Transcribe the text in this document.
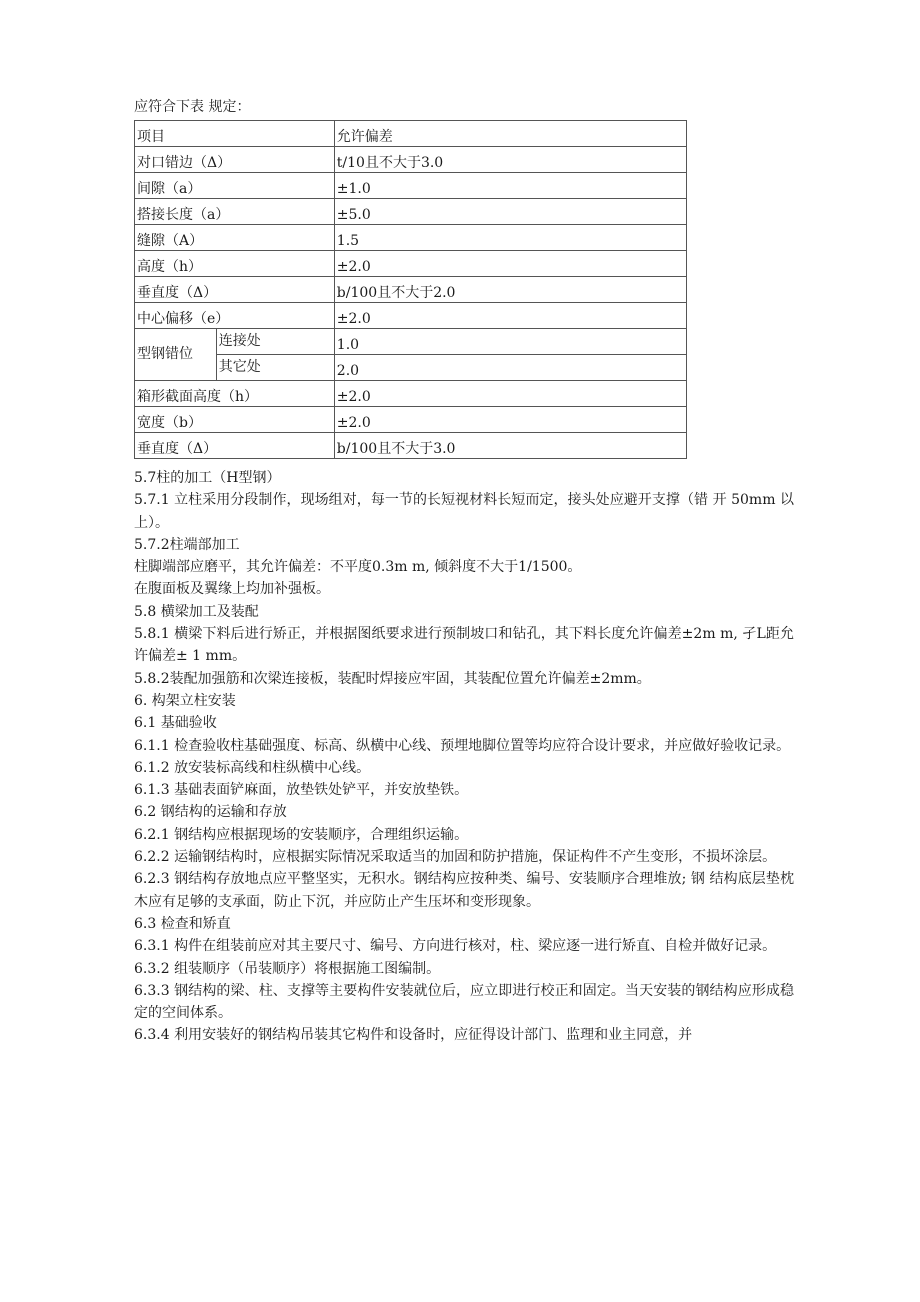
应符合下表 规定：
项目		允许偏差
对口错边（Δ）		t/10且不大于3.0
间隙（a）		±1.0
搭接长度（a）		±5.0
缝隙（A）		1.5
高度（h）		±2.0
垂直度（Δ）		b/100且不大于2.0
中心偏移（e）		±2.0
型钢错位	连接处	1.0
	其它处	2.0
箱形截面高度（h）		±2.0
宽度（b）		±2.0
垂直度（Δ）		b/100且不大于3.0

5.7柱的加工（H型钢）

5.7.1 立柱采用分段制作，现场组对，每一节的长短视材料长短而定，接头处应避开支撑（错 开 50mm 以上）。

5.7.2柱端部加工

柱脚端部应磨平，其允许偏差：不平度0.3m m, 倾斜度不大于1/1500。

在腹面板及翼缘上均加补强板。

5.8 横梁加工及装配

5.8.1 横梁下料后进行矫正，并根据图纸要求进行预制坡口和钻孔，其下料长度允许偏差±2m m, 孑L距允许偏差± 1 mm。

5.8.2装配加强筋和次梁连接板，装配时焊接应牢固，其装配位置允许偏差±2mm。

6. 构架立柱安装

6.1 基础验收

6.1.1 检查验收柱基础强度、标高、纵横中心线、预埋地脚位置等均应符合设计要求，并应做好验收记录。

6.1.2 放安装标高线和柱纵横中心线。

6.1.3 基础表面铲麻面，放垫铁处铲平，并安放垫铁。

6.2 钢结构的运输和存放

6.2.1 钢结构应根据现场的安装顺序，合理组织运输。

6.2.2 运输钢结构时，应根据实际情况采取适当的加固和防护措施，保证构件不产生变形，不损坏涂层。

6.2.3 钢结构存放地点应平整坚实，无积水。钢结构应按种类、编号、安装顺序合理堆放; 钢 结构底层垫枕木应有足够的支承面，防止下沉，并应防止产生压坏和变形现象。

6.3 检查和矫直

6.3.1 构件在组装前应对其主要尺寸、编号、方向进行核对，柱、梁应逐一进行矫直、自检并做好记录。

6.3.2 组装顺序（吊装顺序）将根据施工图编制。

6.3.3 钢结构的梁、柱、支撑等主要构件安装就位后，应立即进行校正和固定。当天安装的钢结构应形成稳定的空间体系。

6.3.4 利用安装好的钢结构吊装其它构件和设备时，应征得设计部门、监理和业主同意，并
